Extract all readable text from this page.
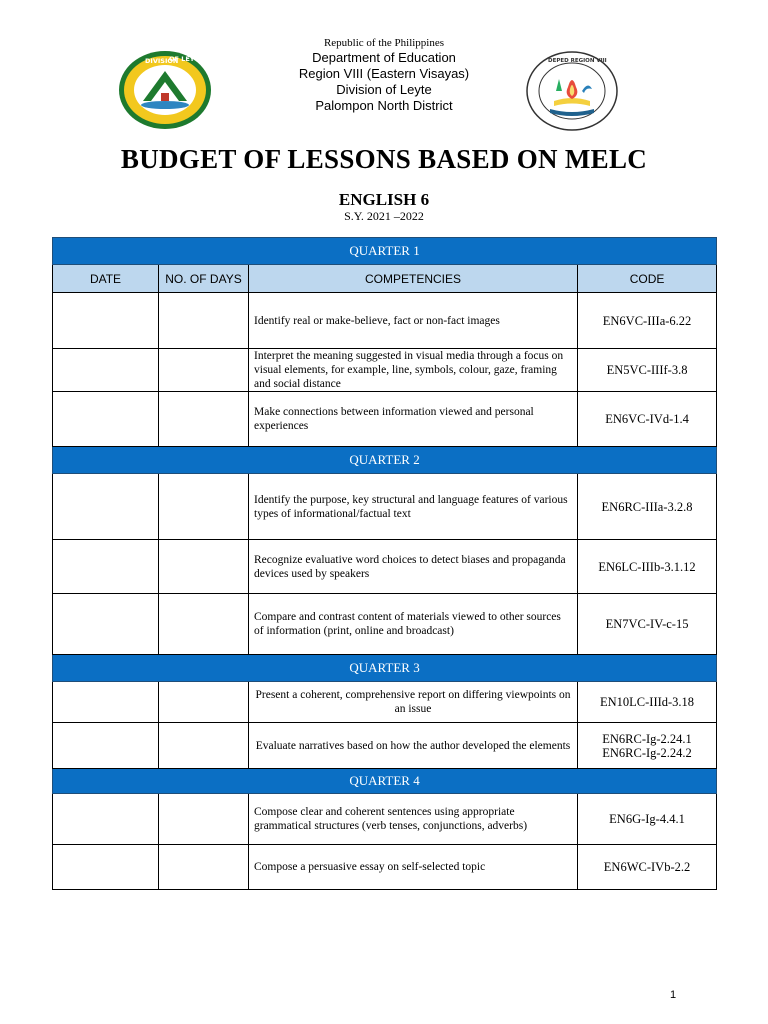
Republic of the Philippines
Department of Education
Region VIII (Eastern Visayas)
Division of Leyte
Palompon North District
DIVISION
OF LEYTE	DEPED REGION VIII
BUDGET OF LESSONS BASED ON MELC
ENGLISH 6
S.Y. 2021 –2022
QUARTER 1			
DATE	NO. OF DAYS	COMPETENCIES	CODE
		Identify real or make-believe, fact or non-fact images	EN6VC-IIIa-6.22
		Interpret the meaning suggested in visual media through a focus on visual elements, for example, line, symbols, colour, gaze, framing and social distance	EN5VC-IIIf-3.8
		Make connections between information viewed and personal experiences	EN6VC-IVd-1.4
QUARTER 2			
		Identify the purpose, key structural and language features of various types of informational/factual text	EN6RC-IIIa-3.2.8
		Recognize evaluative word choices to detect biases and propaganda devices used by speakers	EN6LC-IIIb-3.1.12
		Compare and contrast content of materials viewed to other sources of information (print, online and broadcast)	EN7VC-IV-c-15
QUARTER 3			
		Present a coherent, comprehensive report on differing viewpoints on an issue	EN10LC-IIId-3.18
		Evaluate narratives based on how the author developed the elements	EN6RC-Ig-2.24.1
EN6RC-Ig-2.24.2

QUARTER 4			
		Compose clear and coherent sentences using appropriate grammatical structures (verb tenses, conjunctions, adverbs)	EN6G-Ig-4.4.1
		Compose a persuasive essay on self-selected topic	EN6WC-IVb-2.2
1
